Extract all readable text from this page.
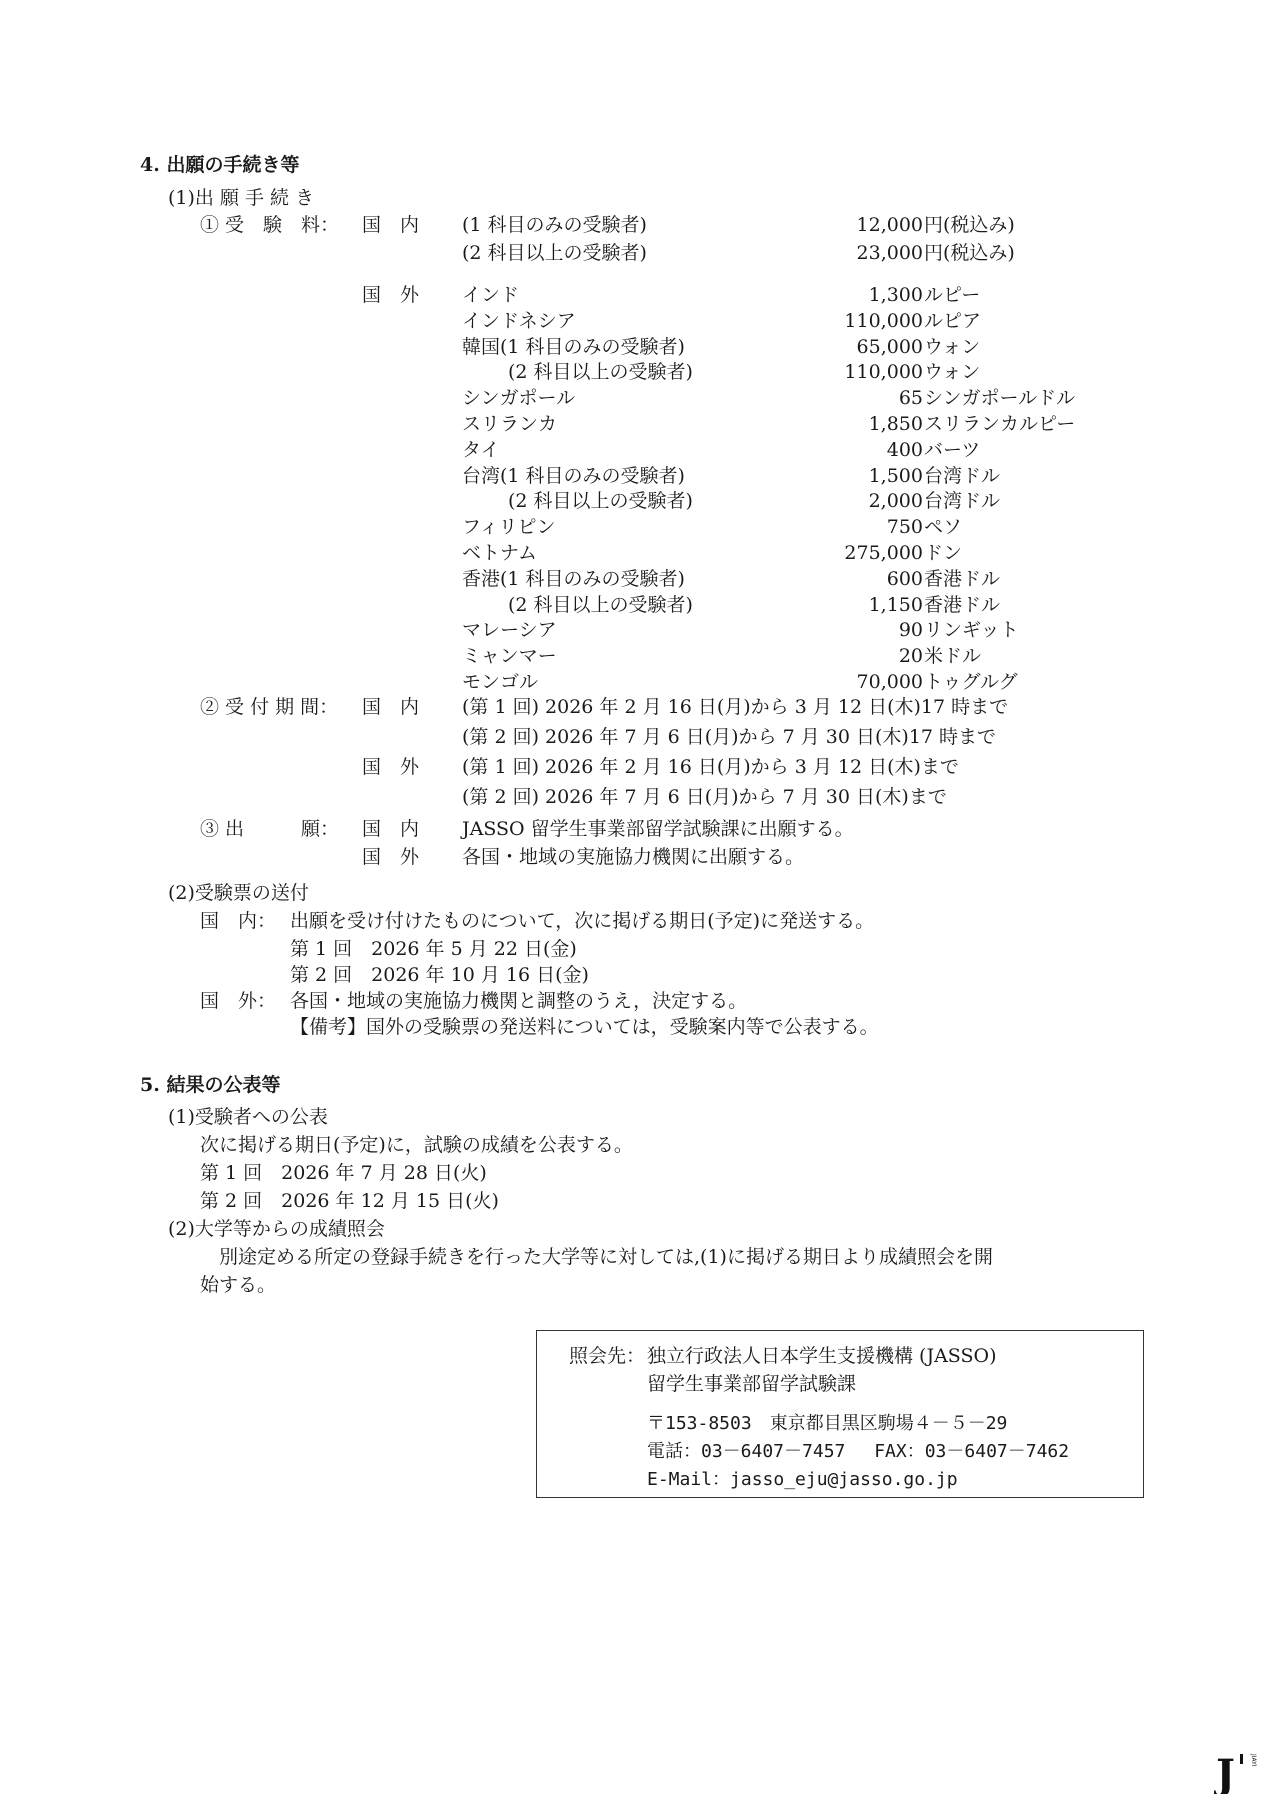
4. 出願の手続き等
(1)出 願 手 続 き
① 受　験　料： 国　内 (1 科目のみの受験者)	12,000 円(税込み)
(2 科目以上の受験者)	23,000 円(税込み)
国　外 インド	1,300 ルピー
インドネシア	110,000 ルピア
韓国(1 科目のみの受験者)	65,000 ウォン
(2 科目以上の受験者)	110,000 ウォン
シンガポール	65 シンガポールドル
スリランカ	1,850 スリランカルピー
タイ	400 バーツ
台湾(1 科目のみの受験者)	1,500 台湾ドル
(2 科目以上の受験者)	2,000 台湾ドル
フィリピン	750 ペソ
ベトナム	275,000 ドン
香港(1 科目のみの受験者)	600 香港ドル
(2 科目以上の受験者)	1,150 香港ドル
マレーシア	90 リンギット
ミャンマー	20 米ドル
モンゴル	70,000 トゥグルグ
② 受 付 期 間： 国　内 (第 1 回) 2026 年 2 月 16 日(月)から 3 月 12 日(木)17 時まで
(第 2 回) 2026 年 7 月 6 日(月)から 7 月 30 日(木)17 時まで
国　外 (第 1 回) 2026 年 2 月 16 日(月)から 3 月 12 日(木)まで
(第 2 回) 2026 年 7 月 6 日(月)から 7 月 30 日(木)まで
③ 出　　　願： 国　内 JASSO 留学生事業部留学試験課に出願する。
国　外 各国・地域の実施協力機関に出願する。
(2)受験票の送付
国　内： 出願を受け付けたものについて，次に掲げる期日(予定)に発送する。
第 1 回　2026 年 5 月 22 日(金)
第 2 回　2026 年 10 月 16 日(金)
国　外： 各国・地域の実施協力機関と調整のうえ，決定する。
【備考】国外の受験票の発送料については，受験案内等で公表する。
5. 結果の公表等
(1)受験者への公表
次に掲げる期日(予定)に，試験の成績を公表する。
第 1 回　2026 年 7 月 28 日(火)
第 2 回　2026 年 12 月 15 日(火)
(2)大学等からの成績照会
　別途定める所定の登録手続きを行った大学等に対しては,(1)に掲げる期日より成績照会を開
始する。
照会先： 独立行政法人日本学生支援機構 (JASSO)
留学生事業部留学試験課
〒153-8503　東京都目黒区駒場４－５－29
電話：03－6407－7457　 FAX：03－6407－7462
E-Mail：jasso_eju@jasso.go.jp
J	JIAYI
